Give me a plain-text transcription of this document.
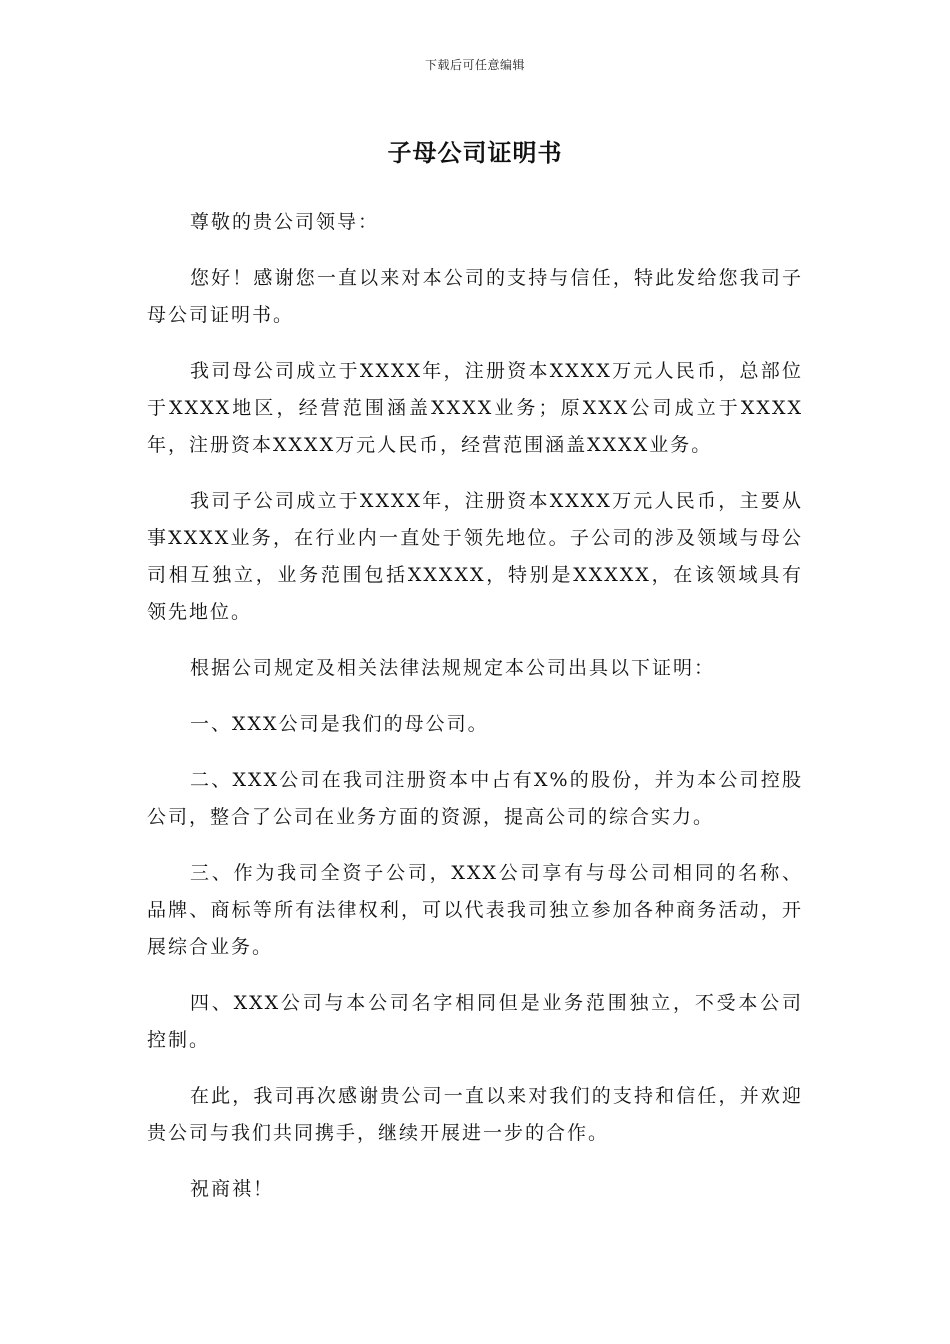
下载后可任意编辑
子母公司证明书

尊敬的贵公司领导：

您好！感谢您一直以来对本公司的支持与信任，特此发给您我司子母公司证明书。

我司母公司成立于XXXX年，注册资本XXXX万元人民币，总部位于XXXX地区，经营范围涵盖XXXX业务；原XXX公司成立于XXXX年，注册资本XXXX万元人民币，经营范围涵盖XXXX业务。

我司子公司成立于XXXX年，注册资本XXXX万元人民币，主要从事XXXX业务，在行业内一直处于领先地位。子公司的涉及领域与母公司相互独立，业务范围包括XXXXX，特别是XXXXX，在该领域具有领先地位。

根据公司规定及相关法律法规规定本公司出具以下证明：

一、XXX公司是我们的母公司。

二、XXX公司在我司注册资本中占有X%的股份，并为本公司控股公司，整合了公司在业务方面的资源，提高公司的综合实力。

三、作为我司全资子公司，XXX公司享有与母公司相同的名称、品牌、商标等所有法律权利，可以代表我司独立参加各种商务活动，开展综合业务。

四、XXX公司与本公司名字相同但是业务范围独立，不受本公司控制。

在此，我司再次感谢贵公司一直以来对我们的支持和信任，并欢迎贵公司与我们共同携手，继续开展进一步的合作。

祝商祺！
